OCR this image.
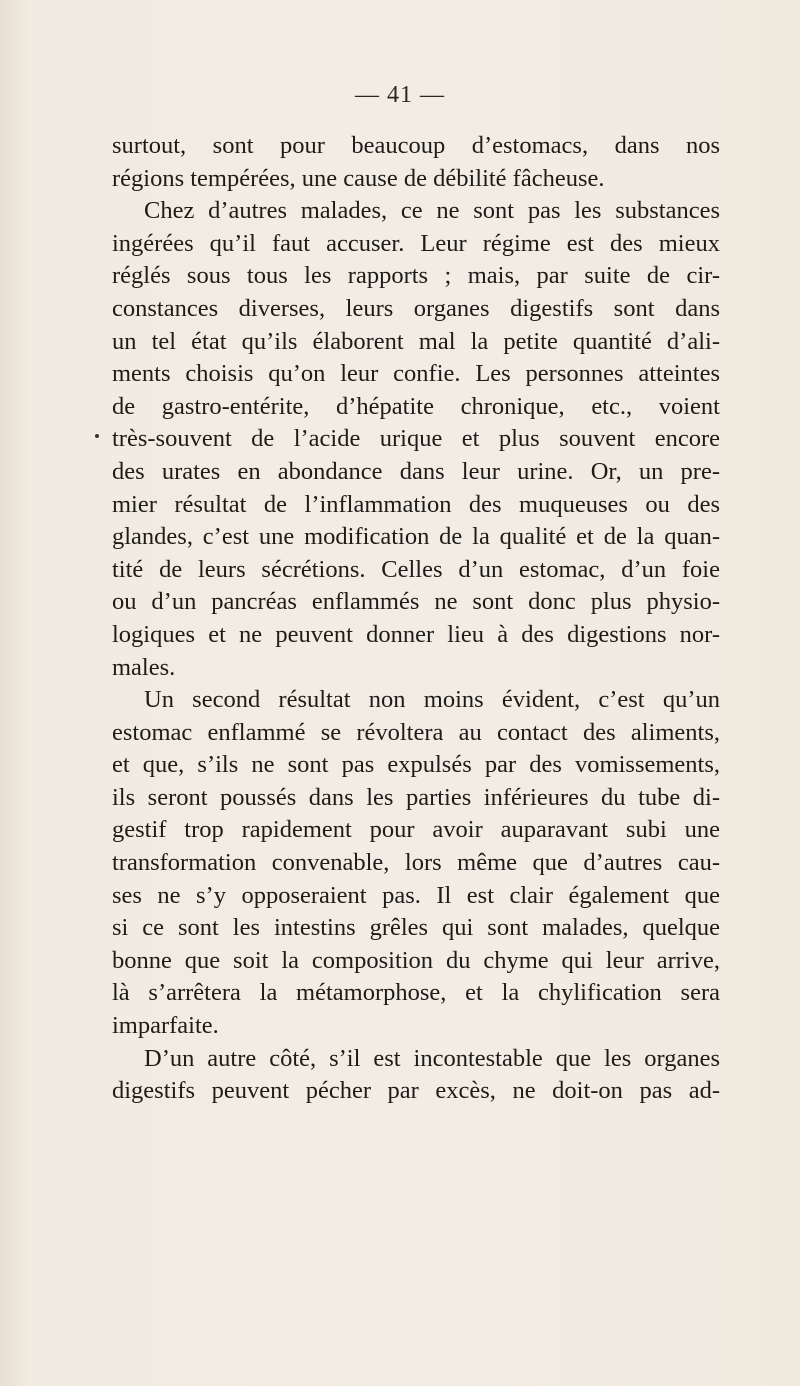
— 41 —
surtout, sont pour beaucoup d’estomacs, dans nos
régions tempérées, une cause de débilité fâcheuse.
Chez d’autres malades, ce ne sont pas les substances
ingérées qu’il faut accuser. Leur régime est des mieux
réglés sous tous les rapports ; mais, par suite de cir-
constances diverses, leurs organes digestifs sont dans
un tel état qu’ils élaborent mal la petite quantité d’ali-
ments choisis qu’on leur confie. Les personnes atteintes
de gastro-entérite, d’hépatite chronique, etc., voient
très-souvent de l’acide urique et plus souvent encore
des urates en abondance dans leur urine. Or, un pre-
mier résultat de l’inflammation des muqueuses ou des
glandes, c’est une modification de la qualité et de la quan-
tité de leurs sécrétions. Celles d’un estomac, d’un foie
ou d’un pancréas enflammés ne sont donc plus physio-
logiques et ne peuvent donner lieu à des digestions nor-
males.
Un second résultat non moins évident, c’est qu’un
estomac enflammé se révoltera au contact des aliments,
et que, s’ils ne sont pas expulsés par des vomissements,
ils seront poussés dans les parties inférieures du tube di-
gestif trop rapidement pour avoir auparavant subi une
transformation convenable, lors même que d’autres cau-
ses ne s’y opposeraient pas. Il est clair également que
si ce sont les intestins grêles qui sont malades, quelque
bonne que soit la composition du chyme qui leur arrive,
là s’arrêtera la métamorphose, et la chylification sera
imparfaite.
D’un autre côté, s’il est incontestable que les organes
digestifs peuvent pécher par excès, ne doit-on pas ad-
